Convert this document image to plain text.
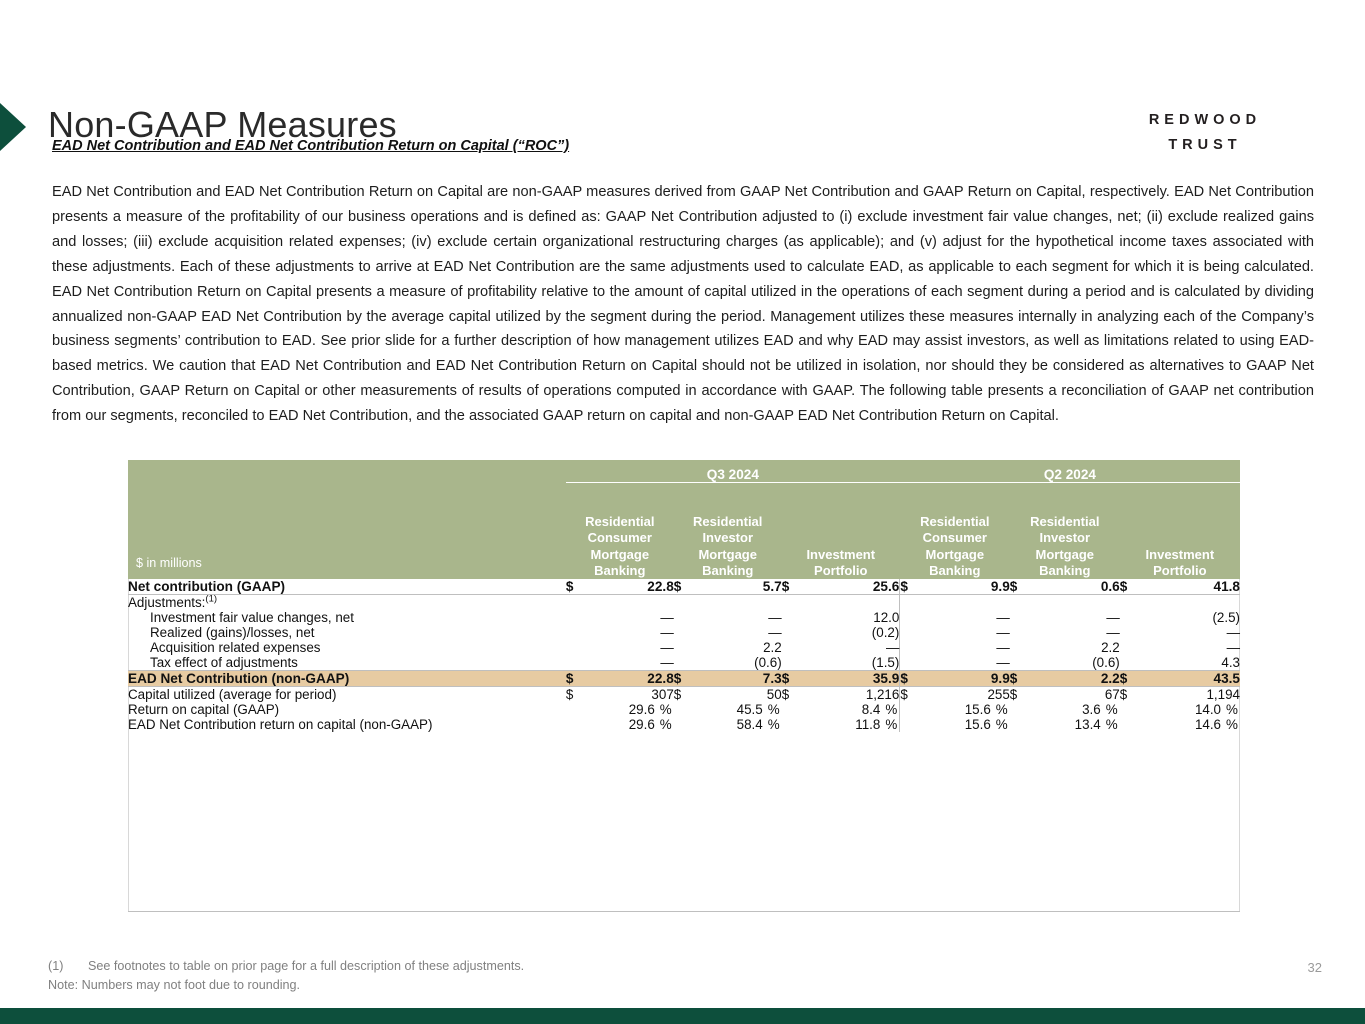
Non-GAAP Measures	REDWOOD
TRUST
EAD Net Contribution and EAD Net Contribution Return on Capital (“ROC”)
EAD Net Contribution and EAD Net Contribution Return on Capital are non-GAAP measures derived from GAAP Net Contribution and GAAP Return on Capital, respectively. EAD Net Contribution presents a measure of the profitability of our business operations and is defined as: GAAP Net Contribution adjusted to (i) exclude investment fair value changes, net; (ii) exclude realized gains and losses; (iii) exclude acquisition related expenses; (iv) exclude certain organizational restructuring charges (as applicable); and (v) adjust for the hypothetical income taxes associated with these adjustments. Each of these adjustments to arrive at EAD Net Contribution are the same adjustments used to calculate EAD, as applicable to each segment for which it is being calculated. EAD Net Contribution Return on Capital presents a measure of profitability relative to the amount of capital utilized in the operations of each segment during a period and is calculated by dividing annualized non-GAAP EAD Net Contribution by the average capital utilized by the segment during the period. Management utilizes these measures internally in analyzing each of the Company’s business segments’ contribution to EAD. See prior slide for a further description of how management utilizes EAD and why EAD may assist investors, as well as limitations related to using EAD-based metrics. We caution that EAD Net Contribution and EAD Net Contribution Return on Capital should not be utilized in isolation, nor should they be considered as alternatives to GAAP Net Contribution, GAAP Return on Capital or other measurements of results of operations computed in accordance with GAAP. The following table presents a reconciliation of GAAP net contribution from our segments, reconciled to EAD Net Contribution, and the associated GAAP return on capital and non-GAAP EAD Net Contribution Return on Capital.
$ in millions	Q3 2024						Q2 2024					

Residential
Consumer
Mortgage
Banking

Residential
Investor
Mortgage
Banking

Investment
Portfolio

Residential
Consumer
Mortgage
Banking

Residential
Investor
Mortgage
Banking

Investment
Portfolio

Net contribution (GAAP)	$	22.8	$	5.7	$	25.6	$	9.9	$	0.6	$	41.8
Adjustments:$^{(1)}$												
Investment fair value changes, net		—		—		12.0		—		—		(2.5)
Realized (gains)/losses, net		—		—		(0.2)		—		—		—
Acquisition related expenses		—		2.2		—		—		2.2		—
Tax effect of adjustments		—		(0.6)		(1.5)		—		(0.6)		4.3
EAD Net Contribution (non-GAAP)	$	22.8	$	7.3	$	35.9	$	9.9	$	2.2	$	43.5
Capital utilized (average for period)	$	307	$	50	$	1,216	$	255	$	67	$	1,194
Return on capital (GAAP)		29.6 %		45.5 %		8.4 %		15.6 %		3.6 %		14.0 %
EAD Net Contribution return on capital (non-GAAP)		29.6 %		58.4 %		11.8 %		15.6 %		13.4 %		14.6 %
(1)	See footnotes to table on prior page for a full description of these adjustments.
Note: Numbers may not foot due to rounding.
32
